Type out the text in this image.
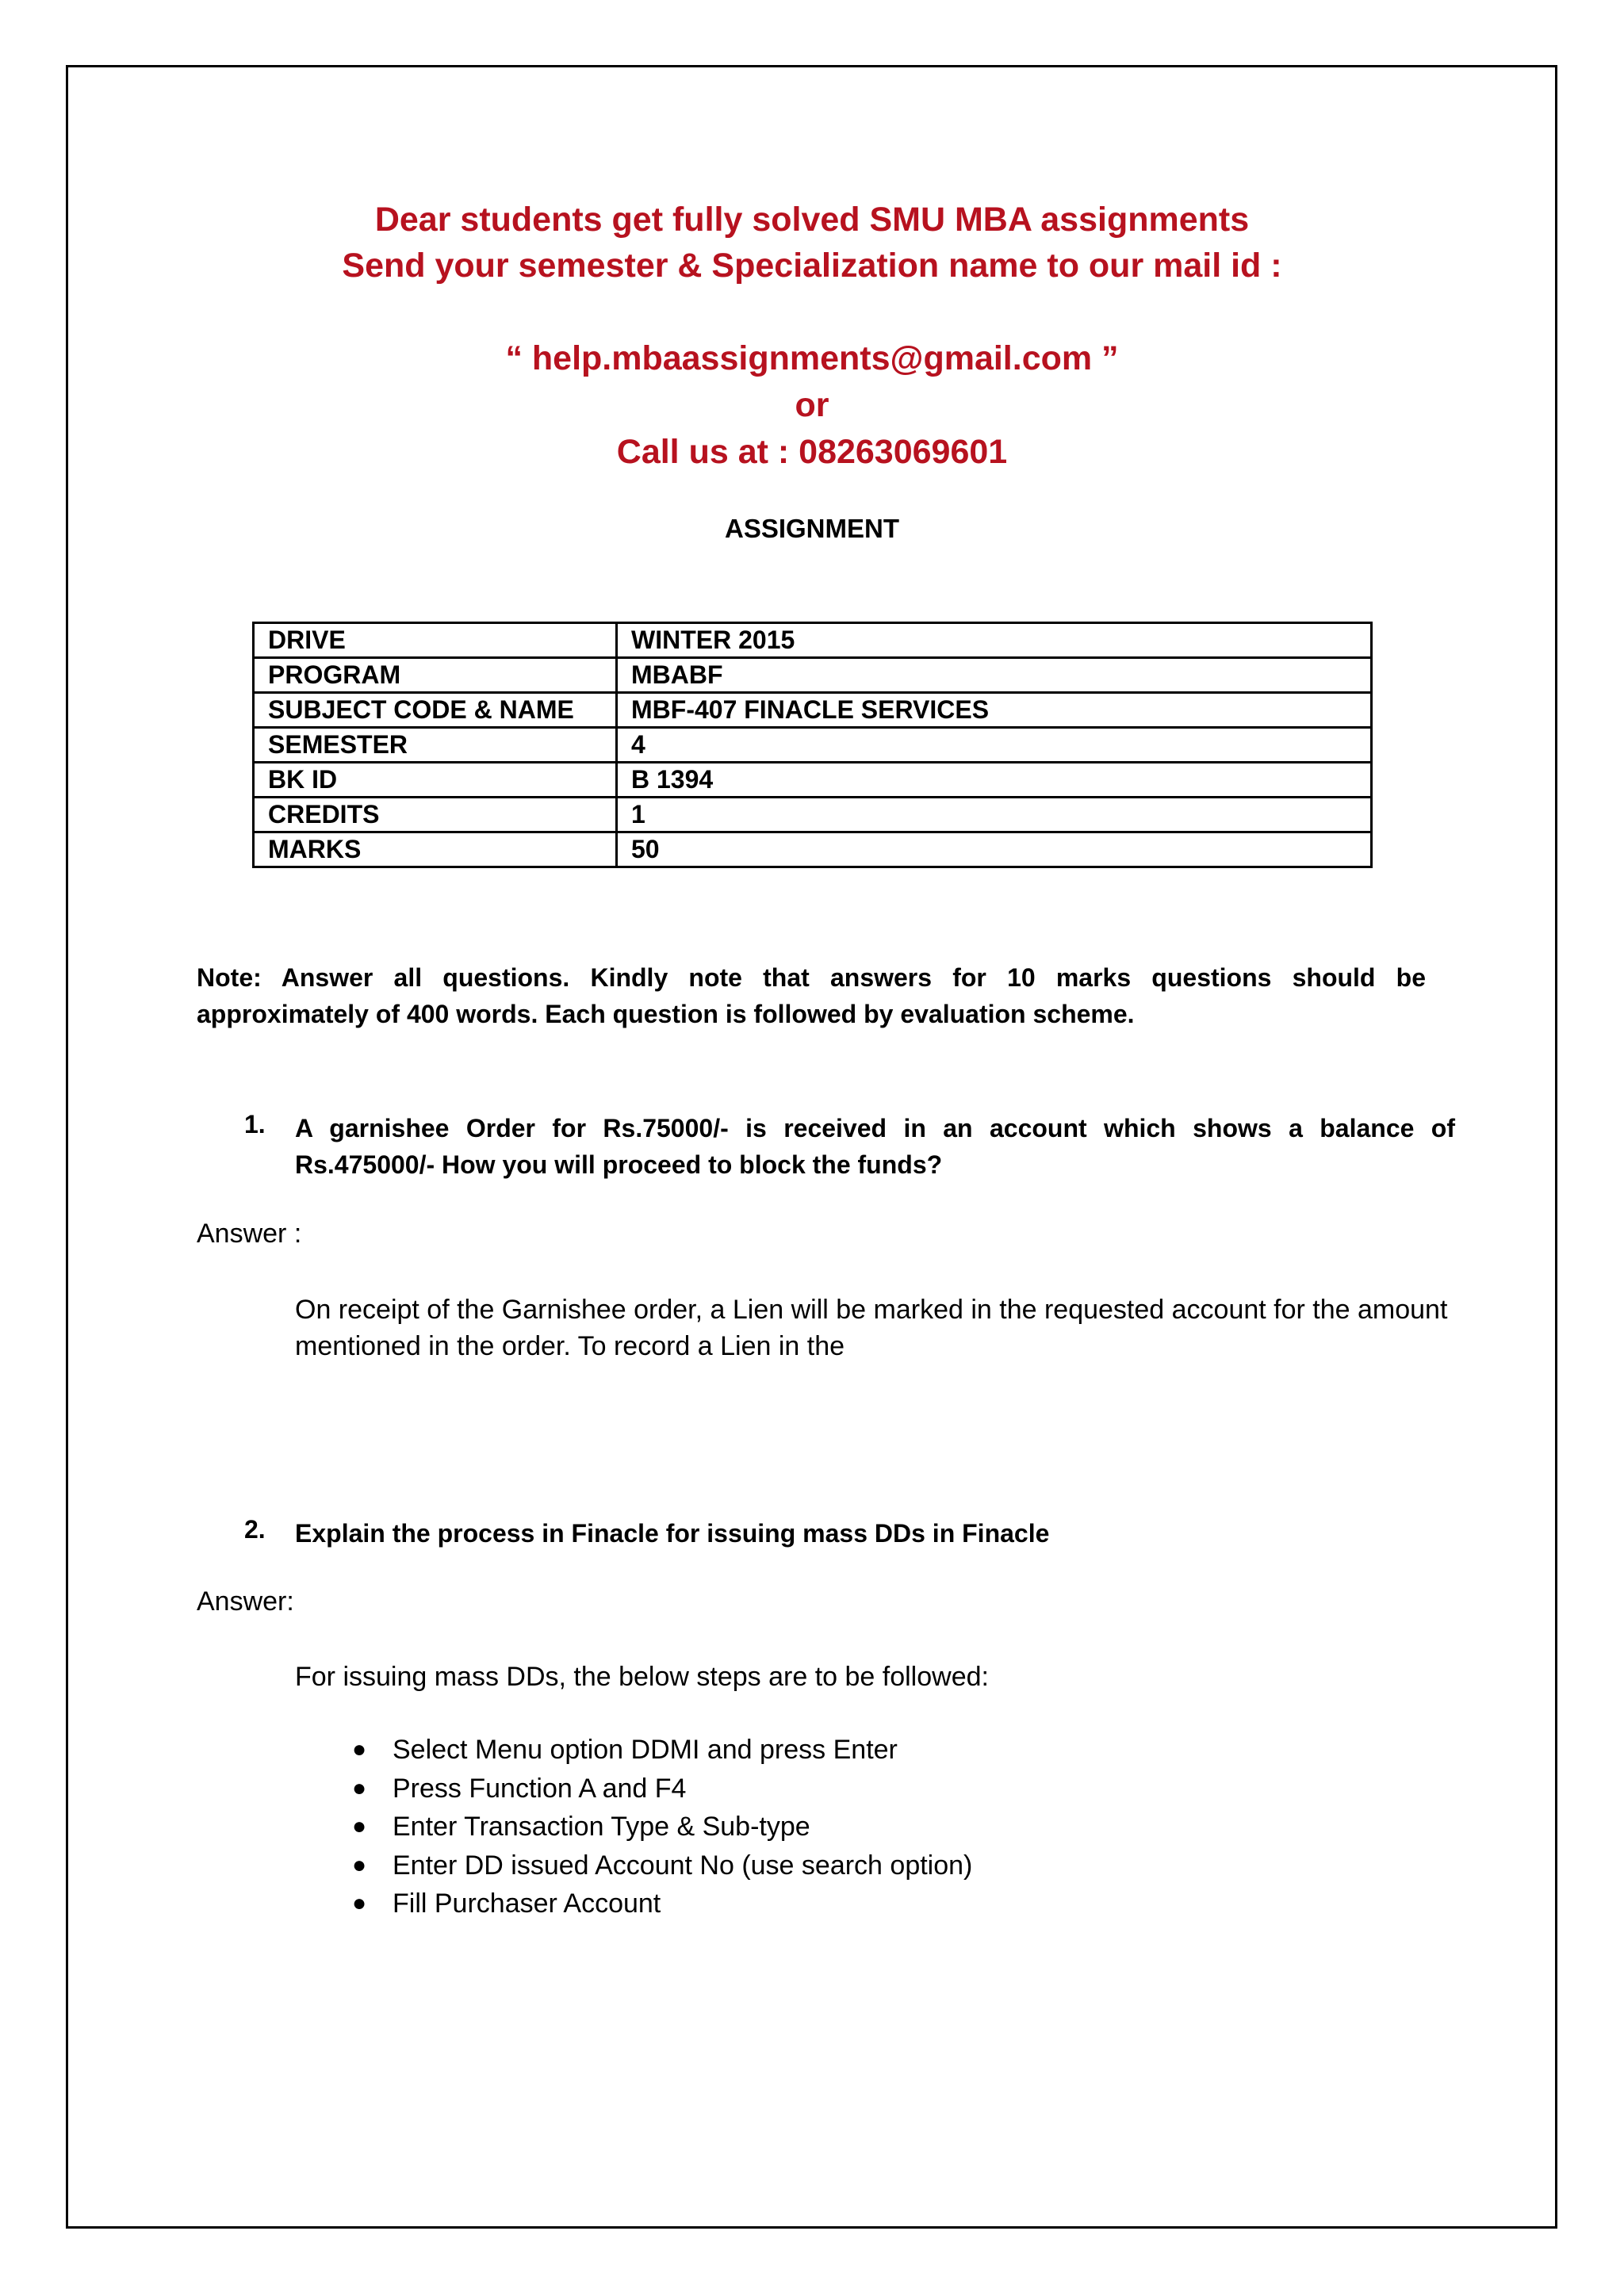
Dear students get fully solved SMU MBA assignments
Send your semester & Specialization name to our mail id :
“ help.mbaassignments@gmail.com ”
or
Call us at : 08263069601
ASSIGNMENT
DRIVE	WINTER 2015
PROGRAM	MBABF
SUBJECT CODE & NAME	MBF-407 FINACLE SERVICES
SEMESTER	4
BK ID	B 1394
CREDITS	1
MARKS	50
Note: Answer all questions. Kindly note that answers for 10 marks questions should be approximately of 400 words. Each question is followed by evaluation scheme.
1. A garnishee Order for Rs.75000/- is received in an account which shows a balance of Rs.475000/- How you will proceed to block the funds?
Answer :
On receipt of the Garnishee order, a Lien will be marked in the requested account for the amount mentioned in the order. To record a Lien in the
2. Explain the process in Finacle for issuing mass DDs in Finacle
Answer:
For issuing mass DDs, the below steps are to be followed:
● Select Menu option DDMI and press Enter
● Press Function A and F4
● Enter Transaction Type & Sub-type
● Enter DD issued Account No (use search option)
● Fill Purchaser Account
